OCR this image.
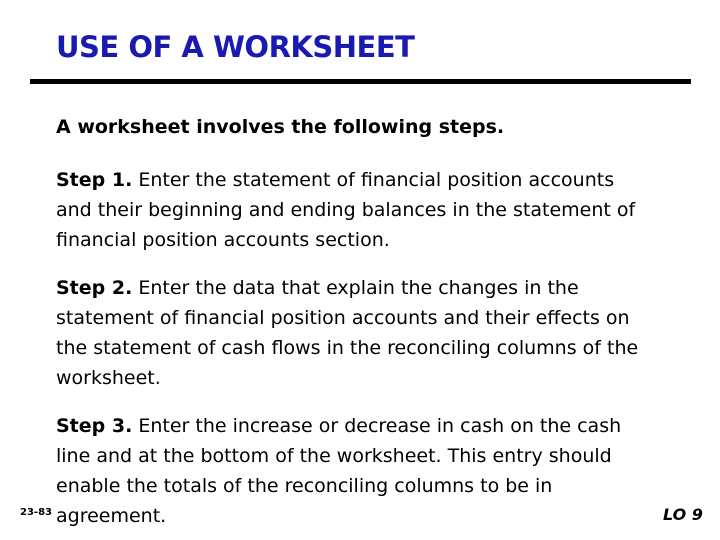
USE OF A WORKSHEET
A worksheet involves the following steps.
Step 1. Enter the statement of financial position accounts
and their beginning and ending balances in the statement of
financial position accounts section.
Step 2. Enter the data that explain the changes in the
statement of financial position accounts and their effects on
the statement of cash flows in the reconciling columns of the
worksheet.
Step 3. Enter the increase or decrease in cash on the cash
line and at the bottom of the worksheet. This entry should
enable the totals of the reconciling columns to be in
agreement.
23-83	LO 9
